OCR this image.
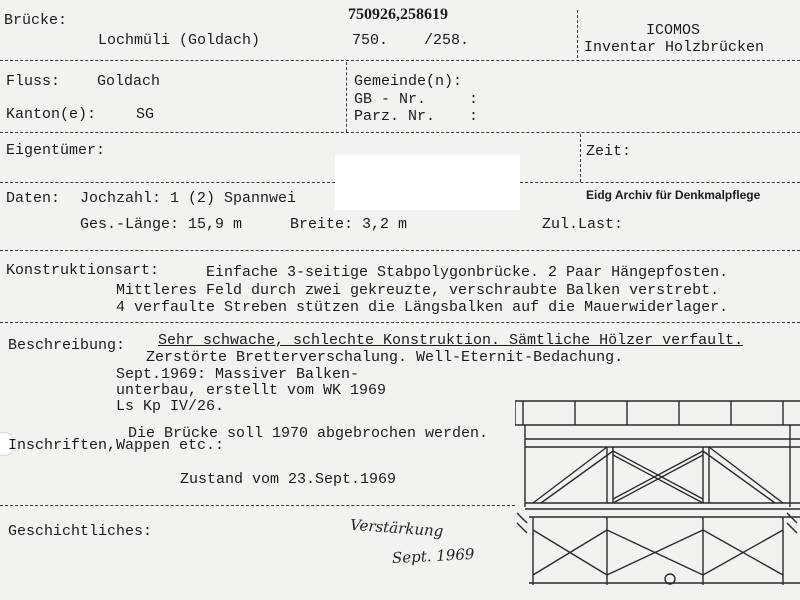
Brücke:	750926,258619
Lochmüli (Goldach)	750. /258.
ICOMOS
Inventar Holzbrücken
Fluss: Goldach
Kanton(e):	SG
Gemeinde(n):
GB - Nr.	:
Parz. Nr. :
Eigentümer:	Zeit:
Daten: Jochzahl: 1 (2) Spannwei
Ges.-Länge: 15,9 m	Breite: 3,2 m	Zul.Last:
Eidg Archiv für Denkmalpflege
Konstruktionsart:	Einfache 3-seitige Stabpolygonbrücke. 2 Paar Hängepfosten.
Mittleres Feld durch zwei gekreuzte, verschraubte Balken verstrebt.
4 verfaulte Streben stützen die Längsbalken auf die Mauerwiderlager.
Beschreibung: Sehr schwache, schlechte Konstruktion. Sämtliche Hölzer verfault.
Zerstörte Bretterverschalung. Well-Eternit-Bedachung.
Sept.1969: Massiver Balken-
unterbau, erstellt vom WK 1969
Ls Kp IV/26.
Die Brücke soll 1970 abgebrochen werden.
Inschriften,Wappen etc.:
Zustand vom 23.Sept.1969
Geschichtliches:	Verstärkung
Sept. 1969
